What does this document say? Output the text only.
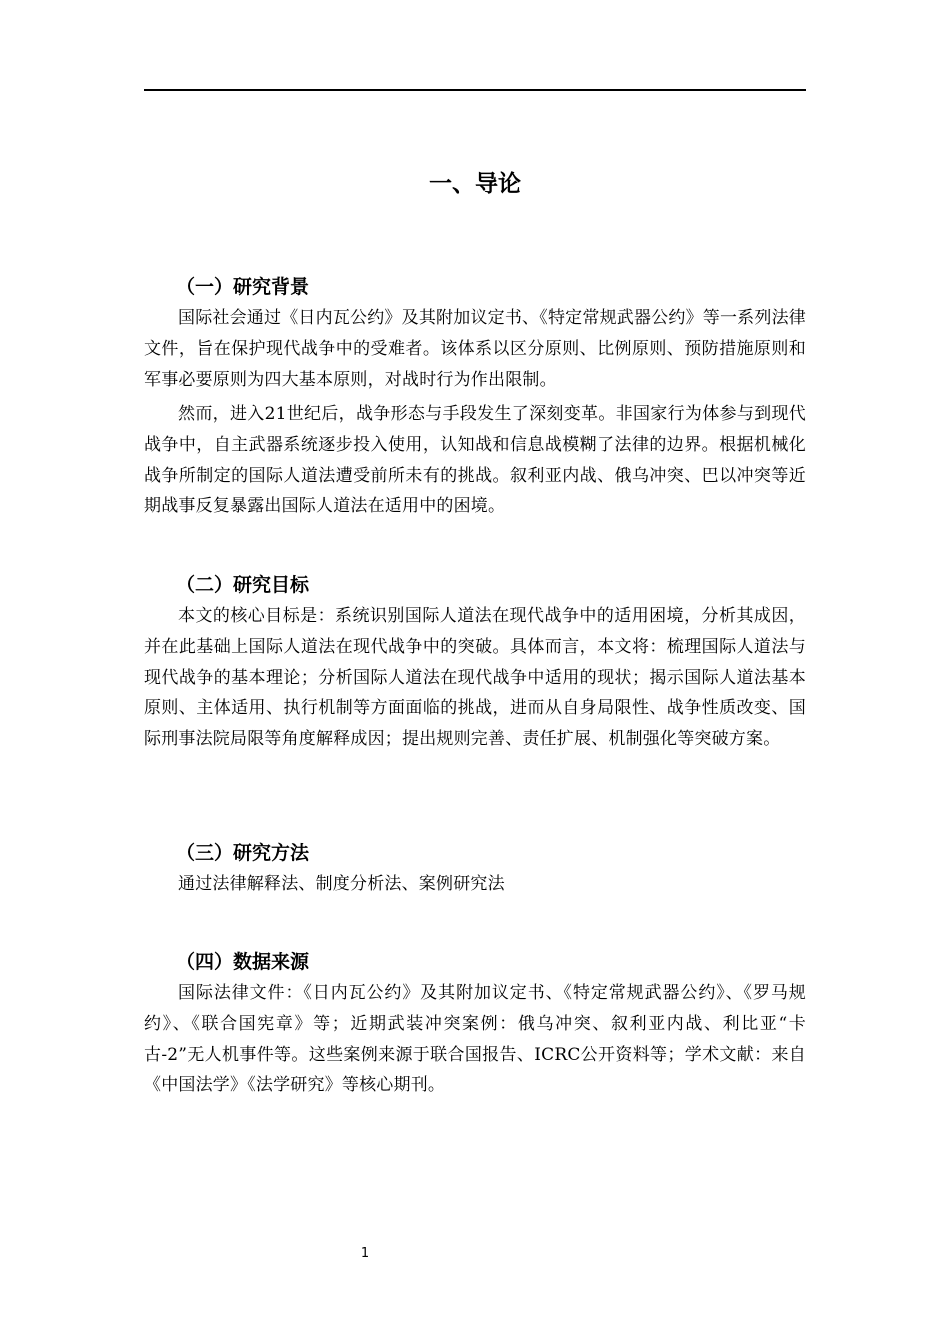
一、导论
（一）研究背景

国际社会通过《日内瓦公约》及其附加议定书、《特定常规武器公约》等一系列法律文件，旨在保护现代战争中的受难者。该体系以区分原则、比例原则、预防措施原则和军事必要原则为四大基本原则，对战时行为作出限制。

然而，进入21世纪后，战争形态与手段发生了深刻变革。非国家行为体参与到现代战争中，自主武器系统逐步投入使用，认知战和信息战模糊了法律的边界。根据机械化战争所制定的国际人道法遭受前所未有的挑战。叙利亚内战、俄乌冲突、巴以冲突等近期战事反复暴露出国际人道法在适用中的困境。

（二）研究目标

本文的核心目标是：系统识别国际人道法在现代战争中的适用困境，分析其成因，并在此基础上国际人道法在现代战争中的突破。具体而言，本文将：梳理国际人道法与现代战争的基本理论；分析国际人道法在现代战争中适用的现状；揭示国际人道法基本原则、主体适用、执行机制等方面面临的挑战，进而从自身局限性、战争性质改变、国际刑事法院局限等角度解释成因；提出规则完善、责任扩展、机制强化等突破方案。

（三）研究方法

通过法律解释法、制度分析法、案例研究法

（四）数据来源

国际法律文件：《日内瓦公约》及其附加议定书、《特定常规武器公约》、《罗马规约》、《联合国宪章》等；近期武装冲突案例：俄乌冲突、叙利亚内战、利比亚“卡古-2”无人机事件等。这些案例来源于联合国报告、ICRC公开资料等；学术文献：来自《中国法学》《法学研究》等核心期刊。

1
